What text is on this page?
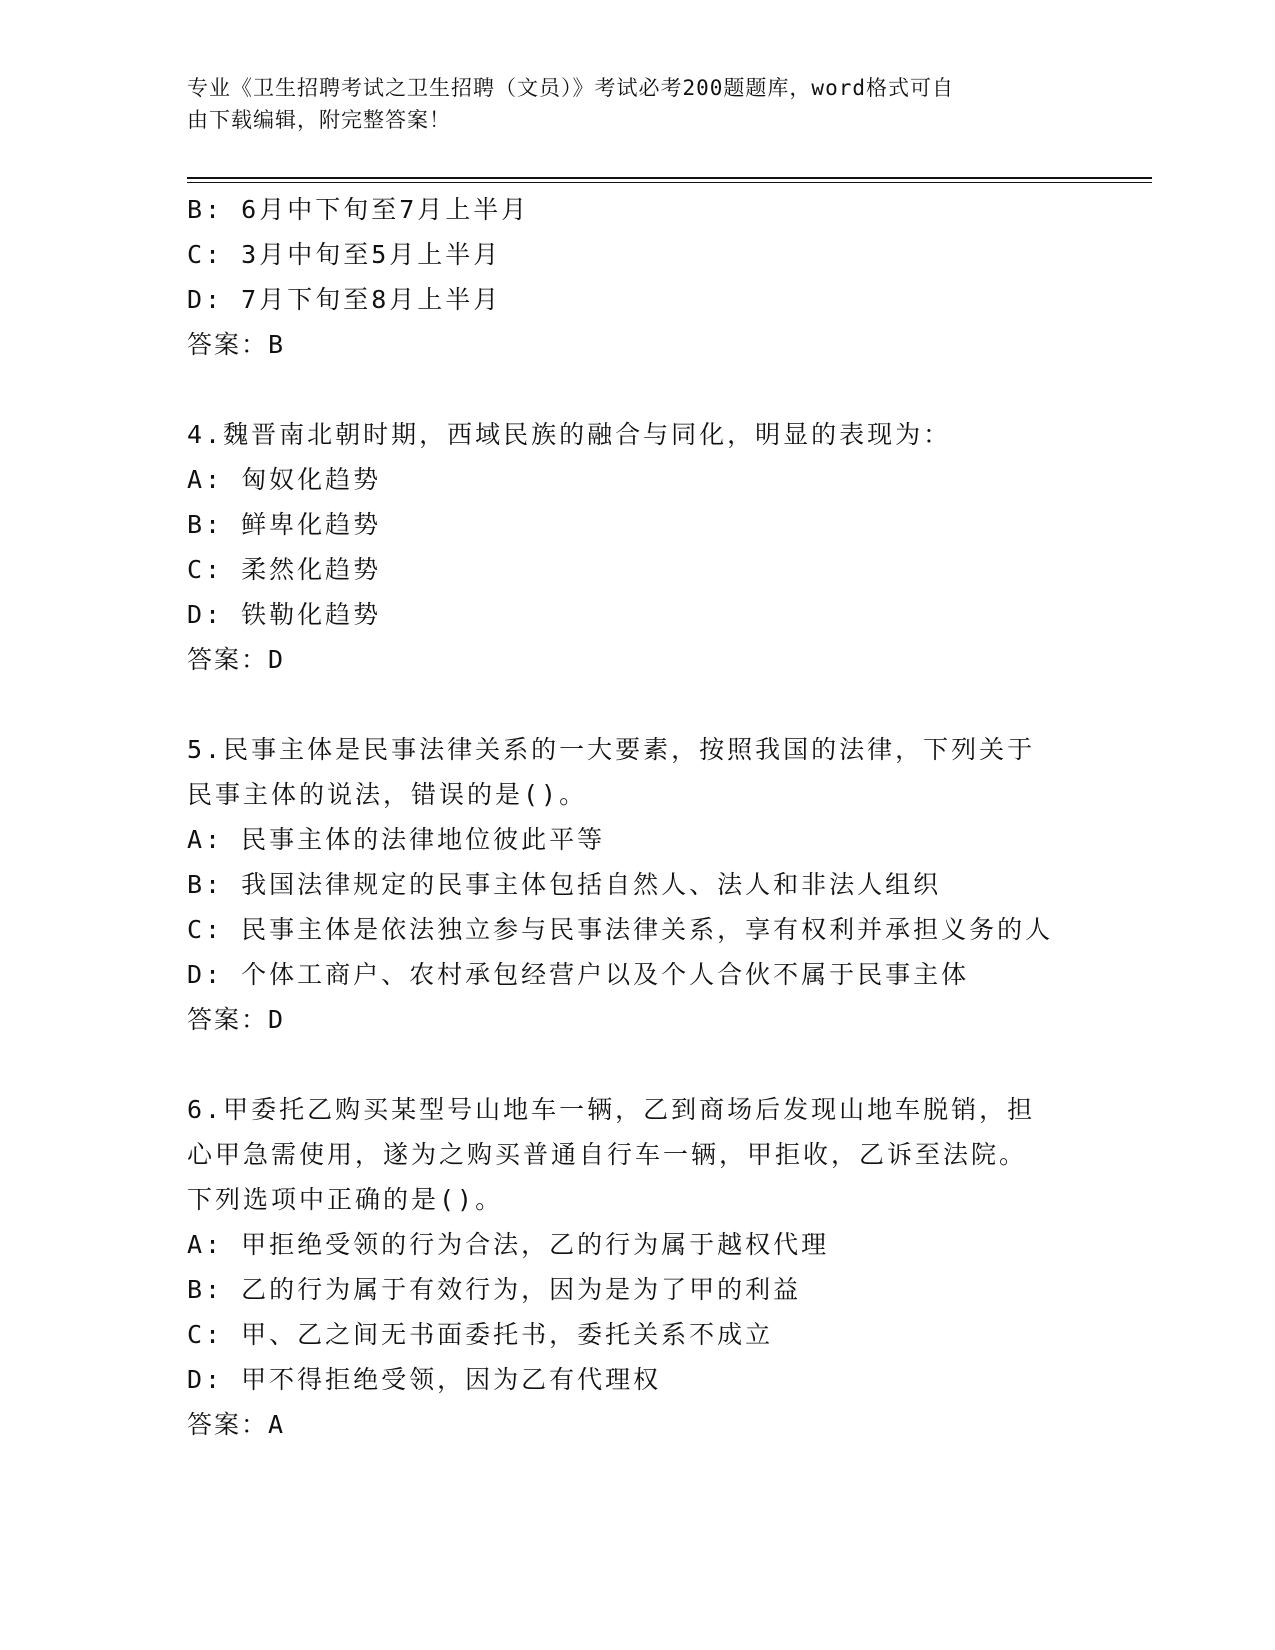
专业《卫生招聘考试之卫生招聘（文员）》考试必考200题题库，word格式可自
由下载编辑，附完整答案！
B: 6月中下旬至7月上半月
C: 3月中旬至5月上半月
D: 7月下旬至8月上半月
答案：B
4.魏晋南北朝时期，西域民族的融合与同化，明显的表现为：
A: 匈奴化趋势
B: 鲜卑化趋势
C: 柔然化趋势
D: 铁勒化趋势
答案：D
5.民事主体是民事法律关系的一大要素，按照我国的法律，下列关于
民事主体的说法，错误的是()。
A: 民事主体的法律地位彼此平等
B: 我国法律规定的民事主体包括自然人、法人和非法人组织
C: 民事主体是依法独立参与民事法律关系，享有权利并承担义务的人
D: 个体工商户、农村承包经营户以及个人合伙不属于民事主体
答案：D
6.甲委托乙购买某型号山地车一辆，乙到商场后发现山地车脱销，担
心甲急需使用，遂为之购买普通自行车一辆，甲拒收，乙诉至法院。
下列选项中正确的是()。
A: 甲拒绝受领的行为合法，乙的行为属于越权代理
B: 乙的行为属于有效行为，因为是为了甲的利益
C: 甲、乙之间无书面委托书，委托关系不成立
D: 甲不得拒绝受领，因为乙有代理权
答案：A
